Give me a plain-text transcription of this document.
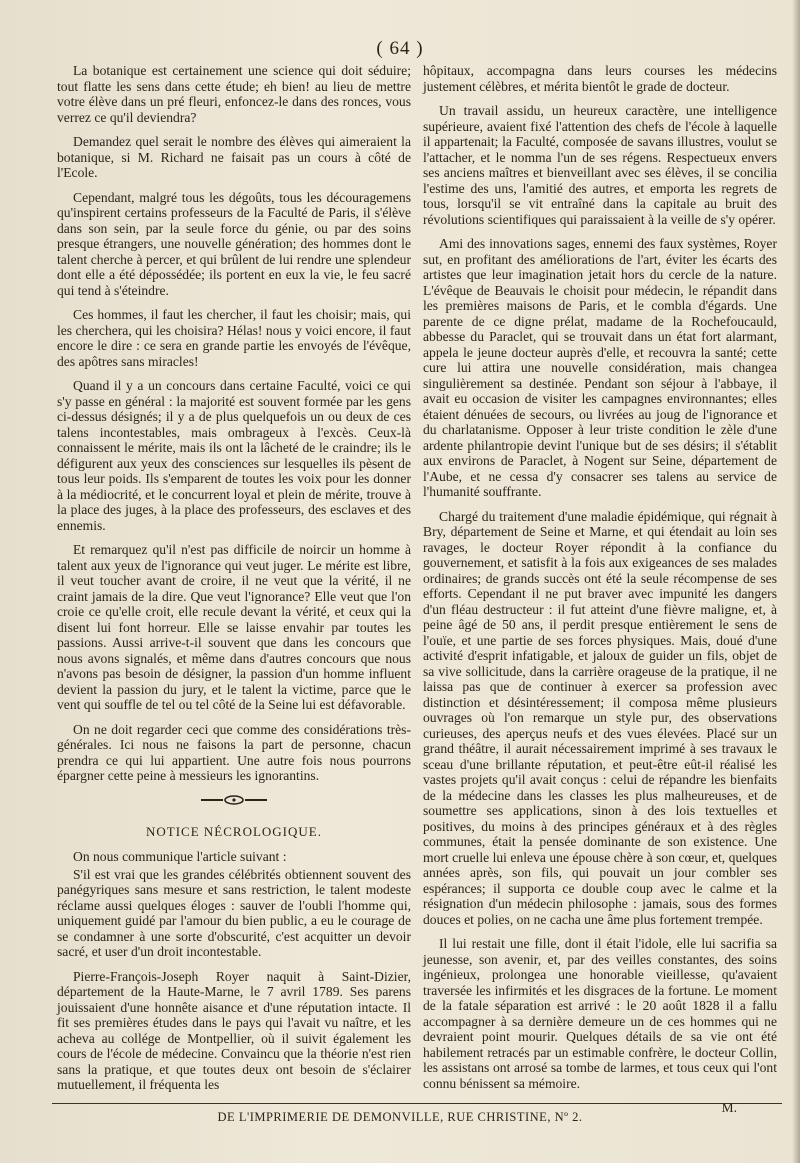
( 64 )

La botanique est certainement une science qui doit séduire; tout flatte les sens dans cette étude; eh bien! au lieu de mettre votre élève dans un pré fleuri, enfoncez-le dans des ronces, vous verrez ce qu'il deviendra?

Demandez quel serait le nombre des élèves qui aimeraient la botanique, si M. Richard ne faisait pas un cours à côté de l'Ecole.

Cependant, malgré tous les dégoûts, tous les découragemens qu'inspirent certains professeurs de la Faculté de Paris, il s'élève dans son sein, par la seule force du génie, ou par des soins presque étrangers, une nouvelle génération; des hommes dont le talent cherche à percer, et qui brûlent de lui rendre une splendeur dont elle a été dépossédée; ils portent en eux la vie, le feu sacré qui tend à s'éteindre.

Ces hommes, il faut les chercher, il faut les choisir; mais, qui les cherchera, qui les choisira? Hélas! nous y voici encore, il faut encore le dire : ce sera en grande partie les envoyés de l'évêque, des apôtres sans miracles!

Quand il y a un concours dans certaine Faculté, voici ce qui s'y passe en général : la majorité est souvent formée par les gens ci-dessus désignés; il y a de plus quelquefois un ou deux de ces talens incontestables, mais ombrageux à l'excès. Ceux-là connaissent le mérite, mais ils ont la lâcheté de le craindre; ils le défigurent aux yeux des consciences sur lesquelles ils pèsent de tous leur poids. Ils s'emparent de toutes les voix pour les donner à la médiocrité, et le concurrent loyal et plein de mérite, trouve à la place des juges, à la place des professeurs, des esclaves et des ennemis.

Et remarquez qu'il n'est pas difficile de noircir un homme à talent aux yeux de l'ignorance qui veut juger. Le mérite est libre, il veut toucher avant de croire, il ne veut que la vérité, il ne craint jamais de la dire. Que veut l'ignorance? Elle veut que l'on croie ce qu'elle croit, elle recule devant la vérité, et ceux qui la disent lui font horreur. Elle se laisse envahir par toutes les passions. Aussi arrive-t-il souvent que dans les concours que nous avons signalés, et même dans d'autres concours que nous n'avons pas besoin de désigner, la passion d'un homme influent devient la passion du jury, et le talent la victime, parce que le vent qui souffle de tel ou tel côté de la Seine lui est défavorable.

On ne doit regarder ceci que comme des considérations très-générales. Ici nous ne faisons la part de personne, chacun prendra ce qui lui appartient. Une autre fois nous pourrons épargner cette peine à messieurs les ignorantins.

NOTICE NÉCROLOGIQUE.

On nous communique l'article suivant :

S'il est vrai que les grandes célébrités obtiennent souvent des panégyriques sans mesure et sans restriction, le talent modeste réclame aussi quelques éloges : sauver de l'oubli l'homme qui, uniquement guidé par l'amour du bien public, a eu le courage de se condamner à une sorte d'obscurité, c'est acquitter un devoir sacré, et user d'un droit incontestable.

Pierre-François-Joseph Royer naquit à Saint-Dizier, département de la Haute-Marne, le 7 avril 1789. Ses parens jouissaient d'une honnête aisance et d'une réputation intacte. Il fit ses premières études dans le pays qui l'avait vu naître, et les acheva au collége de Montpellier, où il suivit également les cours de l'école de médecine. Convaincu que la théorie n'est rien sans la pratique, et que toutes deux ont besoin de s'éclairer mutuellement, il fréquenta les

hôpitaux, accompagna dans leurs courses les médecins justement célèbres, et mérita bientôt le grade de docteur.

Un travail assidu, un heureux caractère, une intelligence supérieure, avaient fixé l'attention des chefs de l'école à laquelle il appartenait; la Faculté, composée de savans illustres, voulut se l'attacher, et le nomma l'un de ses régens. Respectueux envers ses anciens maîtres et bienveillant avec ses élèves, il se concilia l'estime des uns, l'amitié des autres, et emporta les regrets de tous, lorsqu'il se vit entraîné dans la capitale au bruit des révolutions scientifiques qui paraissaient à la veille de s'y opérer.

Ami des innovations sages, ennemi des faux systèmes, Royer sut, en profitant des améliorations de l'art, éviter les écarts des artistes que leur imagination jetait hors du cercle de la nature. L'évêque de Beauvais le choisit pour médecin, le répandit dans les premières maisons de Paris, et le combla d'égards. Une parente de ce digne prélat, madame de la Rochefoucauld, abbesse du Paraclet, qui se trouvait dans un état fort alarmant, appela le jeune docteur auprès d'elle, et recouvra la santé; cette cure lui attira une nouvelle considération, mais changea singulièrement sa destinée. Pendant son séjour à l'abbaye, il avait eu occasion de visiter les campagnes environnantes; elles étaient dénuées de secours, ou livrées au joug de l'ignorance et du charlatanisme. Opposer à leur triste condition le zèle d'une ardente philantropie devint l'unique but de ses désirs; il s'établit aux environs de Paraclet, à Nogent sur Seine, département de l'Aube, et ne cessa d'y consacrer ses talens au service de l'humanité souffrante.

Chargé du traitement d'une maladie épidémique, qui régnait à Bry, département de Seine et Marne, et qui étendait au loin ses ravages, le docteur Royer répondit à la confiance du gouvernement, et satisfit à la fois aux exigeances de ses malades ordinaires; de grands succès ont été la seule récompense de ses efforts. Cependant il ne put braver avec impunité les dangers d'un fléau destructeur : il fut atteint d'une fièvre maligne, et, à peine âgé de 50 ans, il perdit presque entièrement le sens de l'ouïe, et une partie de ses forces physiques. Mais, doué d'une activité d'esprit infatigable, et jaloux de guider un fils, objet de sa vive sollicitude, dans la carrière orageuse de la pratique, il ne laissa pas que de continuer à exercer sa profession avec distinction et désintéressement; il composa même plusieurs ouvrages où l'on remarque un style pur, des observations curieuses, des aperçus neufs et des vues élevées. Placé sur un grand théâtre, il aurait nécessairement imprimé à ses travaux le sceau d'une brillante réputation, et peut-être eût-il réalisé les vastes projets qu'il avait conçus : celui de répandre les bienfaits de la médecine dans les classes les plus malheureuses, et de soumettre ses applications, sinon à des lois textuelles et positives, du moins à des principes généraux et à des règles communes, était la pensée dominante de son existence. Une mort cruelle lui enleva une épouse chère à son cœur, et, quelques années après, son fils, qui pouvait un jour combler ses espérances; il supporta ce double coup avec le calme et la résignation d'un médecin philosophe : jamais, sous des formes douces et polies, on ne cacha une âme plus fortement trempée.

Il lui restait une fille, dont il était l'idole, elle lui sacrifia sa jeunesse, son avenir, et, par des veilles constantes, des soins ingénieux, prolongea une honorable vieillesse, qu'avaient traversée les infirmités et les disgraces de la fortune. Le moment de la fatale séparation est arrivé : le 20 août 1828 il a fallu accompagner à sa dernière demeure un de ces hommes qui ne devraient point mourir. Quelques détails de sa vie ont été habilement retracés par un estimable confrère, le docteur Collin, les assistans ont arrosé sa tombe de larmes, et tous ceux qui l'ont connu bénissent sa mémoire.

M.

DE L'IMPRIMERIE DE DEMONVILLE, RUE CHRISTINE, Nº 2.
